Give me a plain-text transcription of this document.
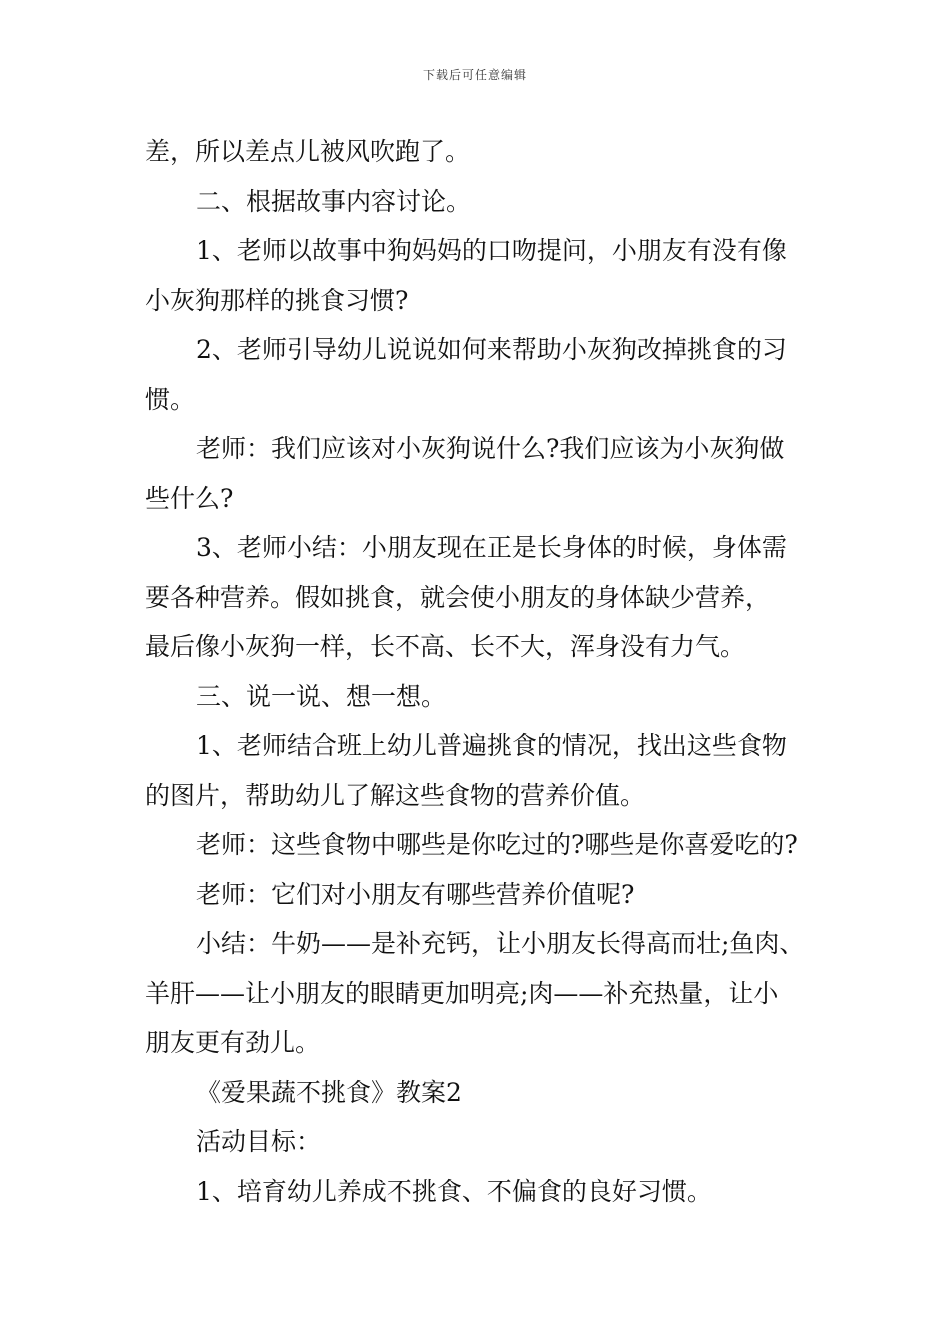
下载后可任意编辑

差，所以差点儿被风吹跑了。

二、根据故事内容讨论。

1、老师以故事中狗妈妈的口吻提问，小朋友有没有像

小灰狗那样的挑食习惯?

2、老师引导幼儿说说如何来帮助小灰狗改掉挑食的习

惯。

老师：我们应该对小灰狗说什么?我们应该为小灰狗做

些什么?

3、老师小结：小朋友现在正是长身体的时候，身体需

要各种营养。假如挑食，就会使小朋友的身体缺少营养，

最后像小灰狗一样，长不高、长不大，浑身没有力气。

三、说一说、想一想。

1、老师结合班上幼儿普遍挑食的情况，找出这些食物

的图片，帮助幼儿了解这些食物的营养价值。

老师：这些食物中哪些是你吃过的?哪些是你喜爱吃的?

老师：它们对小朋友有哪些营养价值呢?

小结：牛奶——是补充钙，让小朋友长得高而壮;鱼肉、

羊肝——让小朋友的眼睛更加明亮;肉——补充热量，让小

朋友更有劲儿。

《爱果蔬不挑食》教案2

活动目标：

1、培育幼儿养成不挑食、不偏食的良好习惯。
